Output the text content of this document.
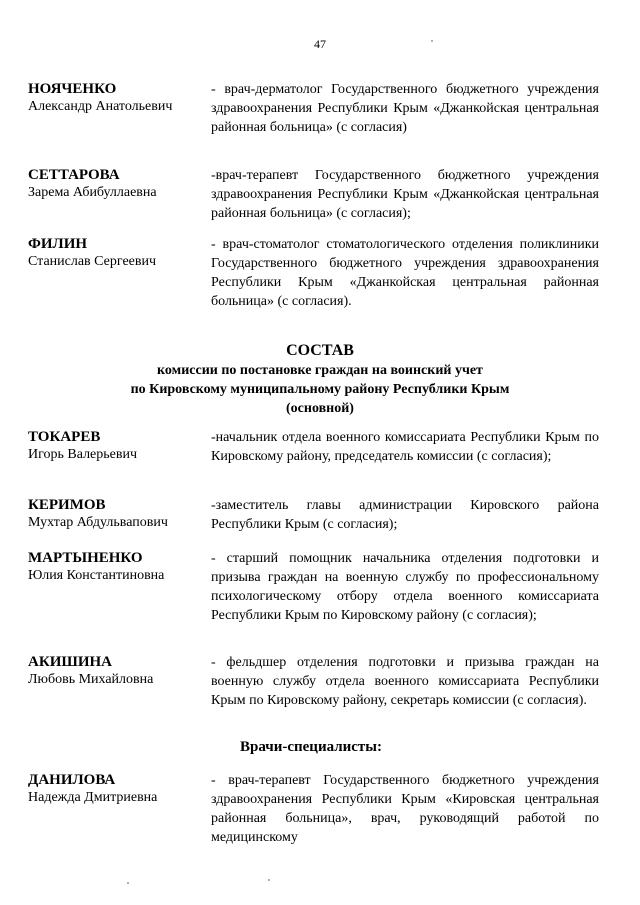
47
НОЯЧЕНКО
Александр Анатольевич
- врач-дерматолог Государственного бюджетного учреждения здравоохранения Республики Крым «Джанкойская центральная районная больница» (с согласия)
СЕТТАРОВА
Зарема Абибуллаевна
-врач-терапевт Государственного бюджетного учреждения здравоохранения Республики Крым «Джанкойская центральная районная больница» (с согласия);
ФИЛИН
Станислав Сергеевич
- врач-стоматолог стоматологического отделения поликлиники Государственного бюджетного учреждения здравоохранения Республики Крым «Джанкойская центральная районная больница» (с согласия).
СОСТАВ
комиссии по постановке граждан на воинский учет
по Кировскому муниципальному району Республики Крым
(основной)
ТОКАРЕВ
Игорь Валерьевич
-начальник отдела военного комиссариата Республики Крым по Кировскому району, председатель комиссии (с согласия);
КЕРИМОВ
Мухтар Абдульвапович
-заместитель главы администрации Кировского района Республики Крым (с согласия);
МАРТЫНЕНКО
Юлия Константиновна
- старший помощник начальника отделения подготовки и призыва граждан на военную службу по профессиональному психологическому отбору отдела военного комиссариата Республики Крым по Кировскому району (с согласия);
АКИШИНА
Любовь Михайловна
- фельдшер отделения подготовки и призыва граждан на военную службу отдела военного комиссариата Республики Крым по Кировскому району, секретарь комиссии (с согласия).
Врачи-специалисты:
ДАНИЛОВА
Надежда Дмитриевна
- врач-терапевт Государственного бюджетного учреждения здравоохранения Республики Крым «Кировская центральная районная больница», врач, руководящий работой по медицинскому
